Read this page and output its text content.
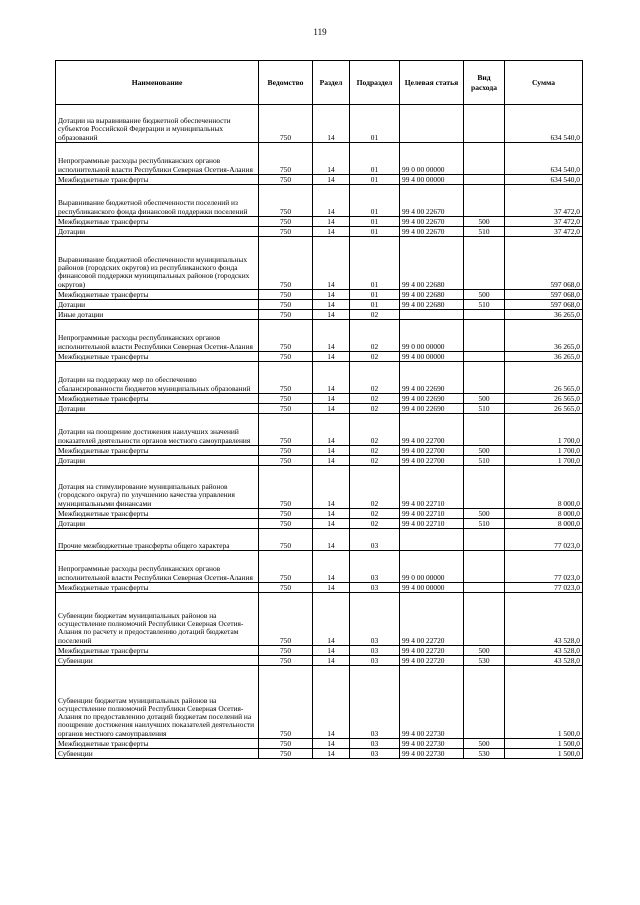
119
Наименование	Ведомство	Раздел	Подраздел	Целевая статья	Вид расхода	Сумма
Дотации на выравнивание бюджетной обеспеченности субъектов Российской Федерации и муниципальных образований	750	14	01			634 540,0
Непрограммные расходы республиканских органов исполнительной власти Республики Северная Осетия-Алания	750	14	01	99 0 00 00000		634 540,0
Межбюджетные трансферты	750	14	01	99 4 00 00000		634 540,0
Выравнивание бюджетной обеспеченности поселений из республиканского фонда финансовой поддержки поселений	750	14	01	99 4 00 22670		37 472,0
Межбюджетные трансферты	750	14	01	99 4 00 22670	500	37 472,0
Дотации	750	14	01	99 4 00 22670	510	37 472,0
Выравнивание бюджетной обеспеченности муниципальных районов (городских округов) из республиканского фонда финансовой поддержки муниципальных районов (городских округов)	750	14	01	99 4 00 22680		597 068,0
Межбюджетные трансферты	750	14	01	99 4 00 22680	500	597 068,0
Дотации	750	14	01	99 4 00 22680	510	597 068,0
Иные дотации	750	14	02			36 265,0
Непрограммные расходы республиканских органов исполнительной власти Республики Северная Осетия-Алания	750	14	02	99 0 00 00000		36 265,0
Межбюджетные трансферты	750	14	02	99 4 00 00000		36 265,0
Дотации на поддержку мер по обеспечению сбалансированности бюджетов муниципальных образований	750	14	02	99 4 00 22690		26 565,0
Межбюджетные трансферты	750	14	02	99 4 00 22690	500	26 565,0
Дотации	750	14	02	99 4 00 22690	510	26 565,0
Дотации на поощрение достижения наилучших значений показателей деятельности органов местного самоуправления	750	14	02	99 4 00 22700		1 700,0
Межбюджетные трансферты	750	14	02	99 4 00 22700	500	1 700,0
Дотации	750	14	02	99 4 00 22700	510	1 700,0
Дотация на стимулирование муниципальных районов (городского округа) по улучшению качества управления муниципальными финансами	750	14	02	99 4 00 22710		8 000,0
Межбюджетные трансферты	750	14	02	99 4 00 22710	500	8 000,0
Дотации	750	14	02	99 4 00 22710	510	8 000,0
Прочие межбюджетные трансферты общего характера	750	14	03			77 023,0
Непрограммные расходы республиканских органов исполнительной власти Республики Северная Осетия-Алания	750	14	03	99 0 00 00000		77 023,0
Межбюджетные трансферты	750	14	03	99 4 00 00000		77 023,0
Субвенции бюджетам муниципальных районов на осуществление полномочий Республики Северная Осетия-Алания по расчету и предоставлению дотаций бюджетам поселений	750	14	03	99 4 00 22720		43 528,0
Межбюджетные трансферты	750	14	03	99 4 00 22720	500	43 528,0
Субвенции	750	14	03	99 4 00 22720	530	43 528,0
Субвенции бюджетам муниципальных районов на осуществление полномочий Республики Северная Осетия-Алания по предоставлению дотаций бюджетам поселений на поощрение достижения наилучших показателей деятельности органов местного самоуправления	750	14	03	99 4 00 22730		1 500,0
Межбюджетные трансферты	750	14	03	99 4 00 22730	500	1 500,0
Субвенции	750	14	03	99 4 00 22730	530	1 500,0
